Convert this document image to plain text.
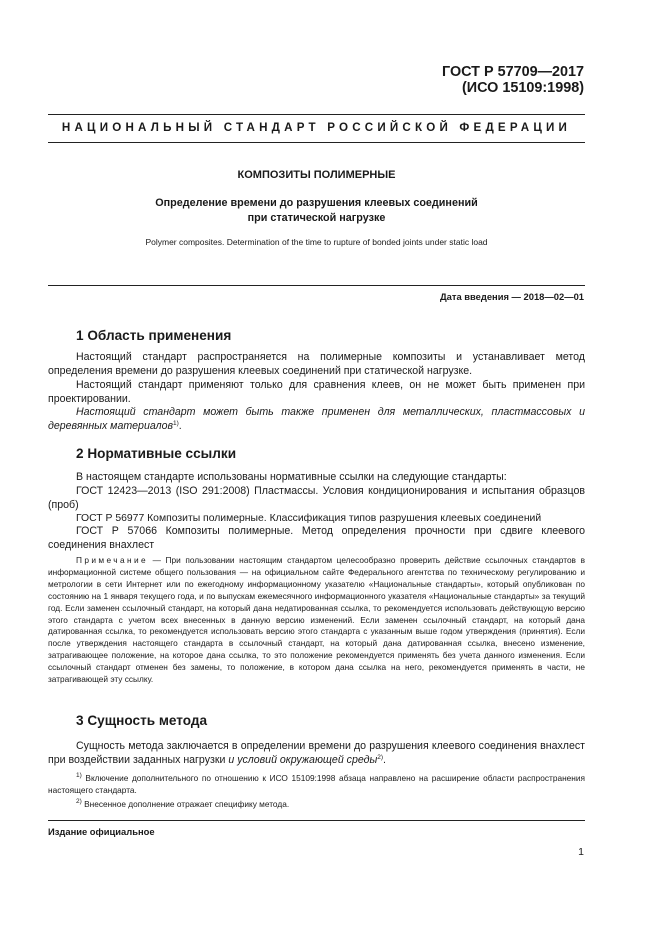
ГОСТ Р 57709—2017
(ИСО 15109:1998)
НАЦИОНАЛЬНЫЙ СТАНДАРТ РОССИЙСКОЙ ФЕДЕРАЦИИ
КОМПОЗИТЫ ПОЛИМЕРНЫЕ
Определение времени до разрушения клеевых соединений
при статической нагрузке
Polymer composites. Determination of the time to rupture of bonded joints under static load
Дата введения — 2018—02—01
1 Область применения
Настоящий стандарт распространяется на полимерные композиты и устанавливает метод определения времени до разрушения клеевых соединений при статической нагрузке.
Настоящий стандарт применяют только для сравнения клеев, он не может быть применен при проектировании.
Настоящий стандарт может быть также применен для металлических, пластмассовых и деревянных материалов$^{1)}$.
2 Нормативные ссылки
В настоящем стандарте использованы нормативные ссылки на следующие стандарты:
ГОСТ 12423—2013 (ISO 291:2008) Пластмассы. Условия кондиционирования и испытания образцов (проб)
ГОСТ Р 56977 Композиты полимерные. Классификация типов разрушения клеевых соединений
ГОСТ Р 57066 Композиты полимерные. Метод определения прочности при сдвиге клеевого соединения внахлест
Примечание — При пользовании настоящим стандартом целесообразно проверить действие ссылочных стандартов в информационной системе общего пользования — на официальном сайте Федерального агентства по техническому регулированию и метрологии в сети Интернет или по ежегодному информационному указателю «Национальные стандарты», который опубликован по состоянию на 1 января текущего года, и по выпускам ежемесячного информационного указателя «Национальные стандарты» за текущий год. Если заменен ссылочный стандарт, на который дана недатированная ссылка, то рекомендуется использовать действующую версию этого стандарта с учетом всех внесенных в данную версию изменений. Если заменен ссылочный стандарт, на который дана датированная ссылка, то рекомендуется использовать версию этого стандарта с указанным выше годом утверждения (принятия). Если после утверждения настоящего стандарта в ссылочный стандарт, на который дана датированная ссылка, внесено изменение, затрагивающее положение, на которое дана ссылка, то это положение рекомендуется применять без учета данного изменения. Если ссылочный стандарт отменен без замены, то положение, в котором дана ссылка на него, рекомендуется применять в части, не затрагивающей эту ссылку.
3 Сущность метода
Сущность метода заключается в определении времени до разрушения клеевого соединения внахлест при воздействии заданных нагрузки и условий окружающей среды$^{2)}$.
$^{1)}$ Включение дополнительного по отношению к ИСО 15109:1998 абзаца направлено на расширение области распространения настоящего стандарта.
$^{2)}$ Внесенное дополнение отражает специфику метода.
Издание официальное
1
